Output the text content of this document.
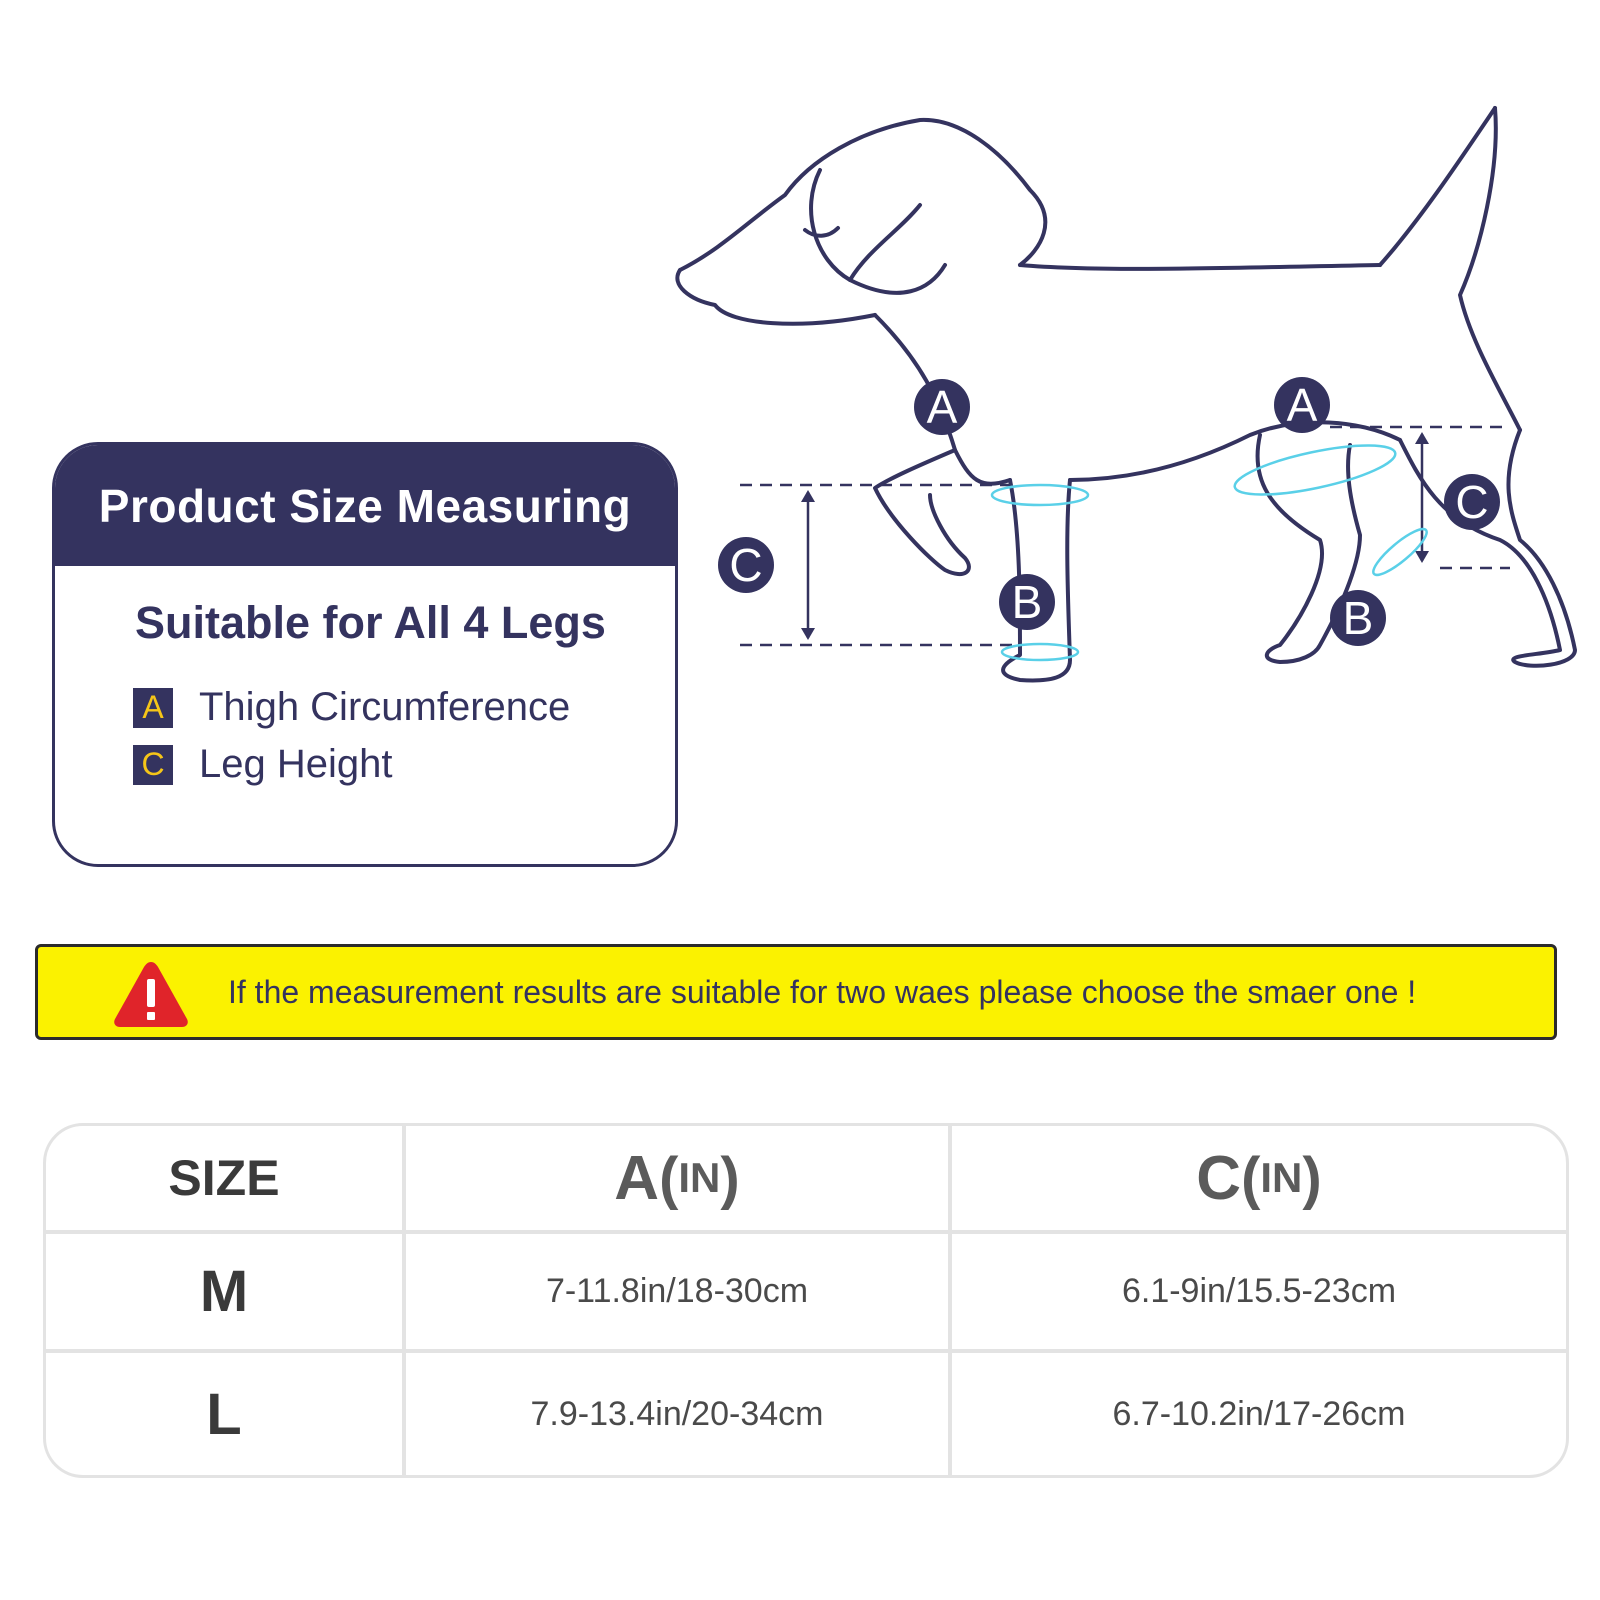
A	A
B	B
C
C
Product Size Measuring
Suitable for All 4 Legs
A Thigh Circumference
C Leg Height
If the measurement results are suitable for two waes please choose the smaer one !
SIZE	A ( IN )	C ( IN )
M	7-11.8in/18-30cm	6.1-9in/15.5-23cm
L	7.9-13.4in/20-34cm	6.7-10.2in/17-26cm
